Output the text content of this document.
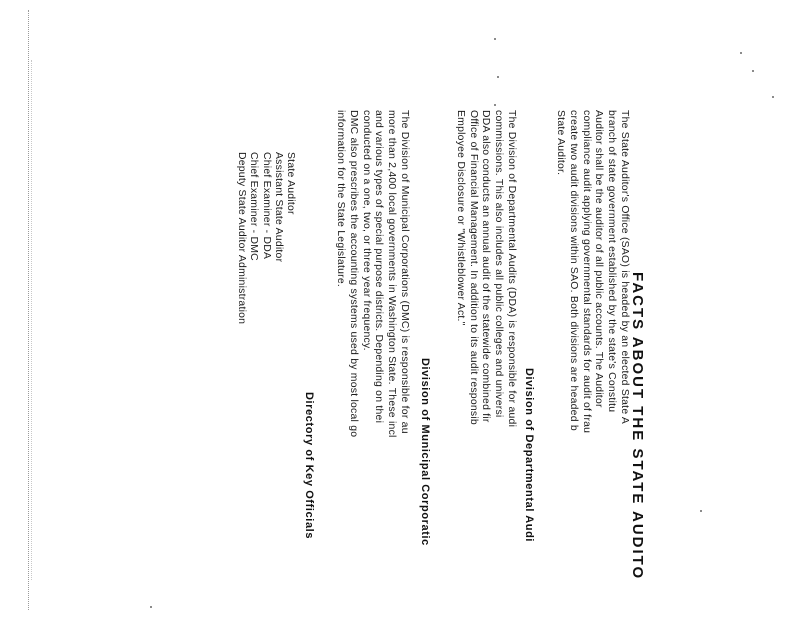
FACTS ABOUT THE STATE AUDITO
The State Auditor's Office (SAO) is headed by an elected State A
branch of state government established by the state's Constitu
Auditor shall be the auditor of all public accounts. The Auditor
compliance audit applying governmental standards for audit of frau
create two audit divisions within SAO. Both divisions are headed b
State Auditor.
Division of Departmental Audi
The Division of Departmental Audits (DDA) is responsible for audi
commissions. This also includes all public colleges and universi
DDA also conducts an annual audit of the statewide combined fir
Office of Financial Management. In addition to its audit responsib
Employee Disclosure or "Whistleblower Act."
Division of Municipal Corporatic
The Division of Municipal Corporations (DMC) is responsible for au
more than 2,400 local governments in Washington State. These incl
and various types of special purpose districts. Depending on thei
conducted on a one, two, or three year frequency.
DMC also prescribes the accounting systems used by most local go
information for the State Legislature.
Directory of Key Officials
State Auditor
Assistant State Auditor
Chief Examiner - DDA
Chief Examiner - DMC
Deputy State Auditor Administration
